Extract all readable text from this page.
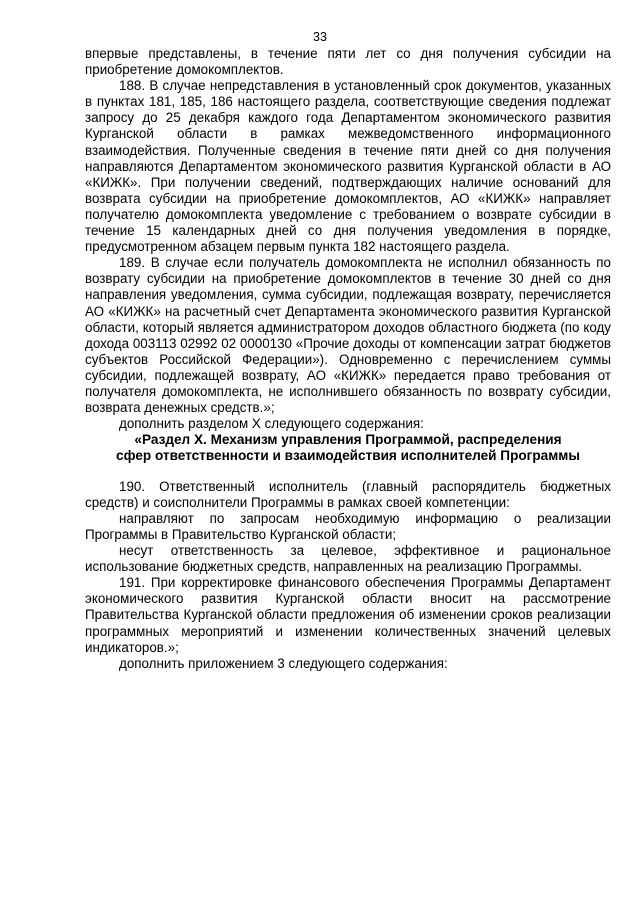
33

впервые представлены, в течение пяти лет со дня получения субсидии на приобретение домокомплектов.

188. В случае непредставления в установленный срок документов, указанных в пунктах 181, 185, 186 настоящего раздела, соответствующие сведения подлежат запросу до 25 декабря каждого года Департаментом экономического развития Курганской области в рамках межведомственного информационного взаимодействия. Полученные сведения в течение пяти дней со дня получения направляются Департаментом экономического развития Курганской области в АО «КИЖК». При получении сведений, подтверждающих наличие оснований для возврата субсидии на приобретение домокомплектов, АО «КИЖК» направляет получателю домокомплекта уведомление с требованием о возврате субсидии в течение 15 календарных дней со дня получения уведомления в порядке, предусмотренном абзацем первым пункта 182 настоящего раздела.

189. В случае если получатель домокомплекта не исполнил обязанность по возврату субсидии на приобретение домокомплектов в течение 30 дней со дня направления уведомления, сумма субсидии, подлежащая возврату, перечисляется АО «КИЖК» на расчетный счет Департамента экономического развития Курганской области, который является администратором доходов областного бюджета (по коду дохода 003113 02992 02 0000130 «Прочие доходы от компенсации затрат бюджетов субъектов Российской Федерации»). Одновременно с перечислением суммы субсидии, подлежащей возврату, АО «КИЖК» передается право требования от получателя домокомплекта, не исполнившего обязанность по возврату субсидии, возврата денежных средств.»;

дополнить разделом X следующего содержания:

«Раздел X. Механизм управления Программой, распределения

сфер ответственности и взаимодействия исполнителей Программы

190. Ответственный исполнитель (главный распорядитель бюджетных средств) и соисполнители Программы в рамках своей компетенции:

направляют по запросам необходимую информацию о реализации Программы в Правительство Курганской области;

несут ответственность за целевое, эффективное и рациональное использование бюджетных средств, направленных на реализацию Программы.

191. При корректировке финансового обеспечения Программы Департамент экономического развития Курганской области вносит на рассмотрение Правительства Курганской области предложения об изменении сроков реализации программных мероприятий и изменении количественных значений целевых индикаторов.»;

дополнить приложением 3 следующего содержания:
